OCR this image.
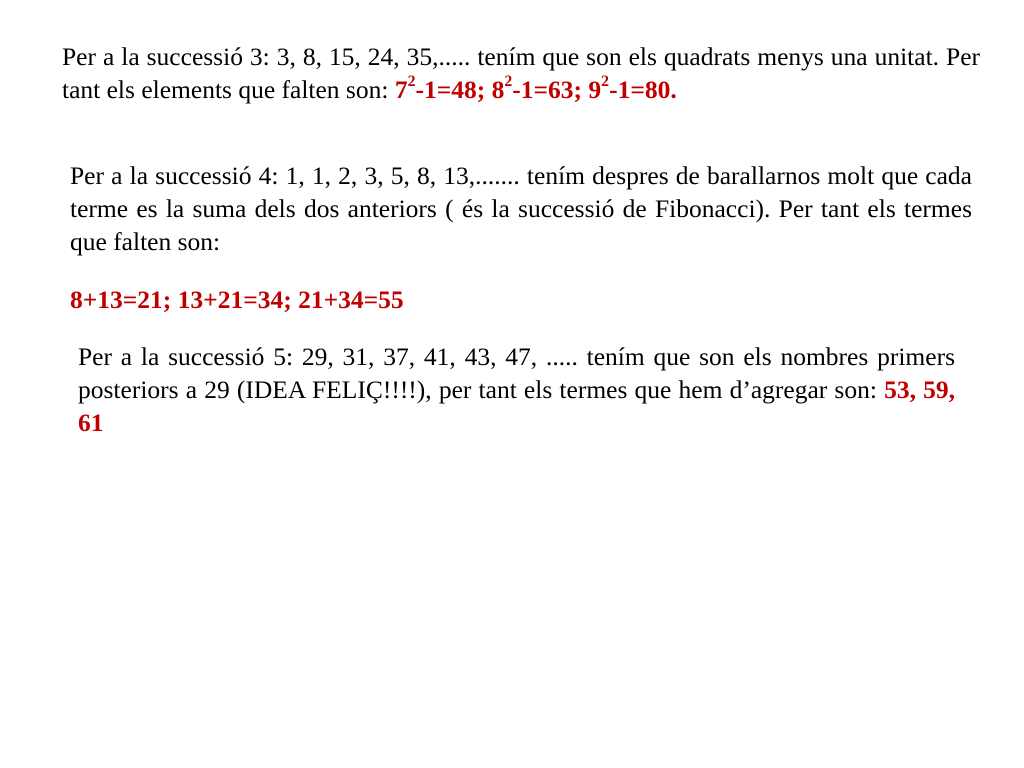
Per a la successió 3: 3, 8, 15, 24, 35,..... tením que son els quadrats menys una unitat. Per tant els elements que falten son: $7^2-1=48$; $8^2-1=63$; $9^2-1=80$.

Per a la successió 4: 1, 1, 2, 3, 5, 8, 13,....... tením despres de barallarnos molt que cada terme es la suma dels dos anteriors ( és la successió de Fibonacci). Per tant els termes que falten son:

8+13=21; 13+21=34; 21+34=55

Per a la successió 5: 29, 31, 37, 41, 43, 47, ..... tením que son els nombres primers posteriors a 29 (IDEA FELIÇ!!!!), per tant els termes que hem d’agregar son: 53, 59, 61
